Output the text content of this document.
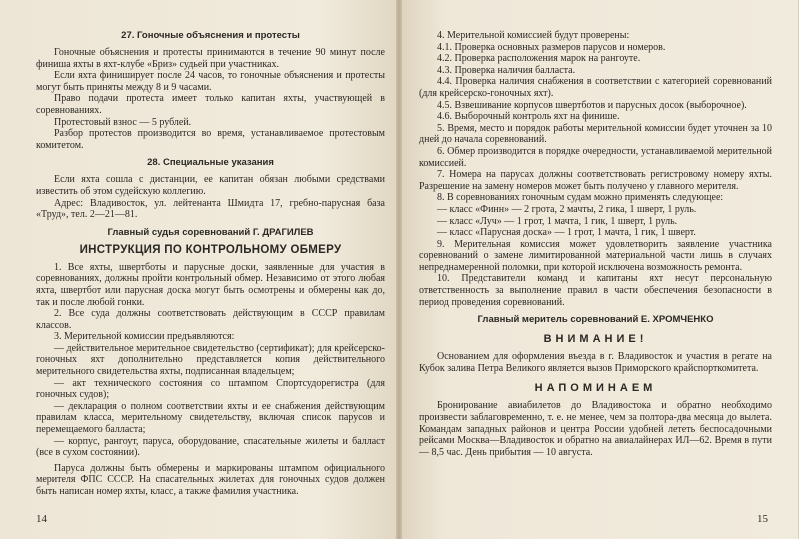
27. Гоночные объяснения и протесты

Гоночные объяснения и протесты принимаются в течение 90 минут после финиша яхты в яхт-клубе «Бриз» судьей при участниках.

Если яхта финиширует после 24 часов, то гоночные объяснения и протесты могут быть приняты между 8 и 9 часами.

Право подачи протеста имеет только капитан яхты, участвующей в соревнованиях.

Протестовый взнос — 5 рублей.

Разбор протестов производится во время, устанавливаемое протестовым комитетом.

28. Специальные указания

Если яхта сошла с дистанции, ее капитан обязан любыми средствами известить об этом судейскую коллегию.

Адрес: Владивосток, ул. лейтенанта Шмидта 17, гребно-парусная база «Труд», тел. 2—21—81.

Главный судья соревнований Г. ДРАГИЛЕВ
ИНСТРУКЦИЯ ПО КОНТРОЛЬНОМУ ОБМЕРУ

1. Все яхты, швертботы и парусные доски, заявленные для участия в соревнованиях, должны пройти контрольный обмер. Независимо от этого любая яхта, швертбот или парусная доска могут быть осмотрены и обмерены как до, так и после любой гонки.

2. Все суда должны соответствовать действующим в СССР правилам классов.

3. Мерительной комиссии предъявляются:

— действительное мерительное свидетельство (сертификат); для крейсерско-гоночных яхт дополнительно представляется копия действительного мерительного свидетельства яхты, подписанная владельцем;

— акт технического состояния со штампом Спортсудорегистра (для гоночных судов);

— декларация о полном соответствии яхты и ее снабжения действующим правилам класса, мерительному свидетельству, включая список парусов и перемещаемого балласта;

— корпус, рангоут, паруса, оборудование, спасательные жилеты и балласт (все в сухом состоянии).

Паруса должны быть обмерены и маркированы штампом официального мерителя ФПС СССР. На спасательных жилетах для гоночных судов должен быть написан номер яхты, класс, а также фамилия участника.

14

4. Мерительной комиссией будут проверены:

4.1. Проверка основных размеров парусов и номеров.

4.2. Проверка расположения марок на рангоуте.

4.3. Проверка наличия балласта.

4.4. Проверка наличия снабжения в соответствии с категорией соревнований (для крейсерско-гоночных яхт).

4.5. Взвешивание корпусов швертботов и парусных досок (выборочное).

4.6. Выборочный контроль яхт на финише.

5. Время, место и порядок работы мерительной комиссии будет уточнен за 10 дней до начала соревнований.

6. Обмер производится в порядке очередности, устанавливаемой мерительной комиссией.

7. Номера на парусах должны соответствовать регистровому номеру яхты. Разрешение на замену номеров может быть получено у главного мерителя.

8. В соревнованиях гоночным судам можно применять следующее:

— класс «Финн» — 2 грота, 2 мачты, 2 гика, 1 шверт, 1 руль.

— класс «Луч» — 1 грот, 1 мачта, 1 гик, 1 шверт, 1 руль.

— класс «Парусная доска» — 1 грот, 1 мачта, 1 гик, 1 шверт.

9. Мерительная комиссия может удовлетворить заявление участника соревнований о замене лимитированной материальной части лишь в случаях непреднамеренной поломки, при которой исключена возможность ремонта.

10. Представители команд и капитаны яхт несут персональную ответственность за выполнение правил в части обеспечения безопасности в период проведения соревнований.

Главный меритель соревнований Е. ХРОМЧЕНКО
ВНИМАНИЕ!

Основанием для оформления въезда в г. Владивосток и участия в регате на Кубок залива Петра Великого является вызов Приморского крайспорткомитета.

НАПОМИНАЕМ

Бронирование авиабилетов до Владивостока и обратно необходимо произвести заблаговременно, т. е. не менее, чем за полтора-два месяца до вылета. Командам западных районов и центра России удобней лететь беспосадочными рейсами Москва—Владивосток и обратно на авиалайнерах ИЛ—62. Время в пути — 8,5 час. День прибытия — 10 августа.

15
